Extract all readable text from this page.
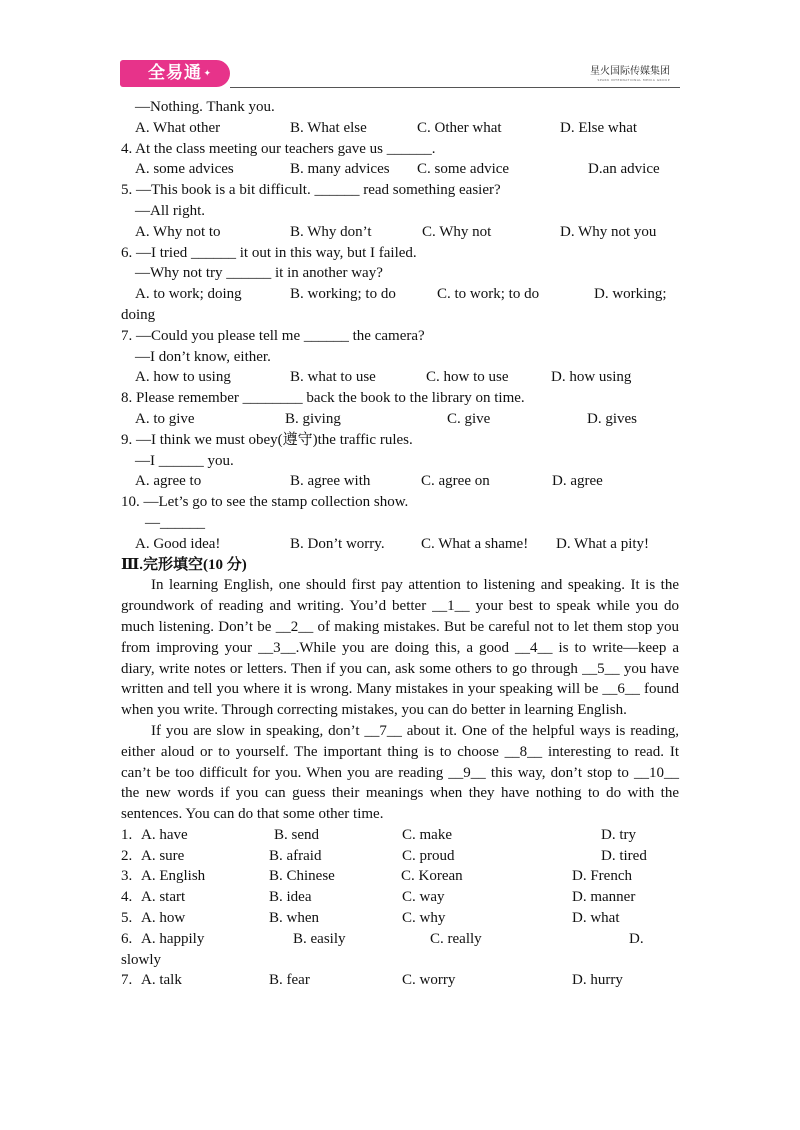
全易通 ✦	星火国际传媒集团
SPARK INTERNATIONAL MEDIA GROUP
—Nothing. Thank you.
A. What other	B. What else	C. Other what	D. Else what
4. At the class meeting our teachers gave us ______.
A. some advices	B. many advices C. some advice	D.an advice
5. —This book is a bit difficult. ______ read something easier?
—All right.
A. Why not to	B. Why don’t	C. Why not	D. Why not you
6. —I tried ______ it out in this way, but I failed.
—Why not try ______ it in another way?
A. to work; doing	B. working; to do	C. to work; to do	D. working;
doing
7. —Could you please tell me ______ the camera?
—I don’t know, either.
A. how to using	B. what to use	C. how to use	D. how using
8. Please remember ________ back the book to the library on time.
A. to give	B. giving	C. give	D. gives
9. —I think we must obey(遵守)the traffic rules.
—I ______ you.
A. agree to	B. agree with	C. agree on	D. agree
10. —Let’s go to see the stamp collection show.
—______
A. Good idea!	B. Don’t worry. C. What a shame! D. What a pity!
Ⅲ.完形填空(10 分)

In learning English, one should first pay attention to listening and speaking. It is the groundwork of reading and writing. You’d better __1__ your best to speak while you do much listening. Don’t be __2__ of making mistakes. But be careful not to let them stop you from improving your __3__.While you are doing this, a good __4__ is to write—keep a diary, write notes or letters. Then if you can, ask some others to go through __5__ you have written and tell you where it is wrong. Many mistakes in your speaking will be __6__ found when you write. Through correcting mistakes, you can do better in learning English.

If you are slow in speaking, don’t __7__ about it. One of the helpful ways is reading, either aloud or to yourself. The important thing is to choose __8__ interesting to read. It can’t be too difficult for you. When you are reading __9__ this way, don’t stop to __10__ the new words if you can guess their meanings when they have nothing to do with the sentences. You can do that some other time.

1. A. have	B. send	C. make	D. try
2. A. sure	B. afraid	C. proud	D. tired
3. A. English	B. Chinese	C. Korean	D. French
4. A. start	B. idea	C. way	D. manner
5. A. how	B. when	C. why	D. what
6. A. happily	B. easily	C. really	D.
slowly
7. A. talk	B. fear	C. worry	D. hurry
